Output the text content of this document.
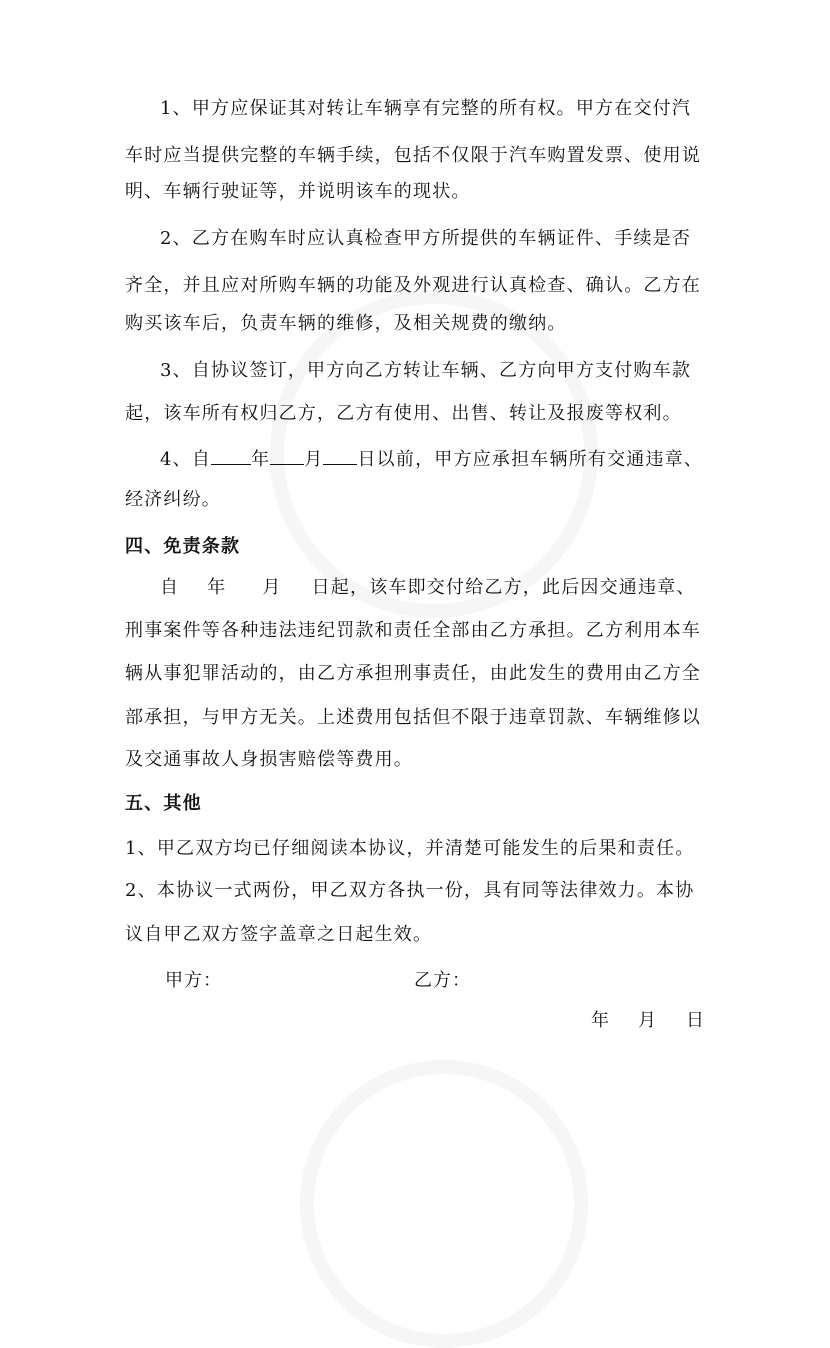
1、甲方应保证其对转让车辆享有完整的所有权。甲方在交付汽
车时应当提供完整的车辆手续，包括不仅限于汽车购置发票、使用说
明、车辆行驶证等，并说明该车的现状。
2、乙方在购车时应认真检查甲方所提供的车辆证件、手续是否
齐全，并且应对所购车辆的功能及外观进行认真检查、确认。乙方在
购买该车后，负责车辆的维修，及相关规费的缴纳。
3、自协议签订，甲方向乙方转让车辆、乙方向甲方支付购车款
起，该车所有权归乙方，乙方有使用、出售、转让及报废等权利。
4、自 年 月 日以前，甲方应承担车辆所有交通违章、
经济纠纷。
四、免责条款
自 年 月 日起，该车即交付给乙方，此后因交通违章、
刑事案件等各种违法违纪罚款和责任全部由乙方承担。乙方利用本车
辆从事犯罪活动的，由乙方承担刑事责任，由此发生的费用由乙方全
部承担，与甲方无关。上述费用包括但不限于违章罚款、车辆维修以
及交通事故人身损害赔偿等费用。
五、其他
1、甲乙双方均已仔细阅读本协议，并清楚可能发生的后果和责任。
2、本协议一式两份，甲乙双方各执一份，具有同等法律效力。本协
议自甲乙双方签字盖章之日起生效。
甲方：	乙方：
年 月 日
